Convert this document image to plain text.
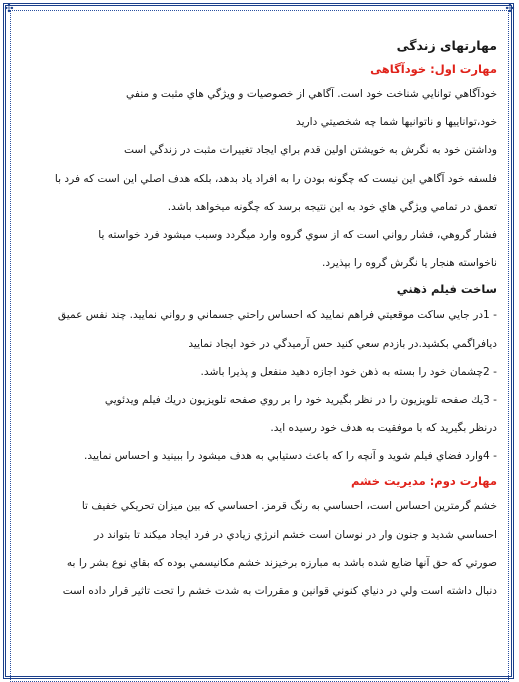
✣	✣
مهارتهای زندگی
مهارت اول: خودآگاهی
خودآگاهي توانايي شناخت خود است. آگاهي از خصوصيات و ويژگي هاي مثبت و منفي
خود،تواناييها و ناتوانيها شما چه شخصيتي داريد
وداشتن خود به نگرش به خويشتن اولين قدم براي ايجاد تغييرات مثبت در زندگي است
فلسفه خود آگاهي اين نيست كه چگونه بودن را به افراد ياد بدهد، بلكه هدف اصلي اين است كه فرد با
تعمق در تمامي ويژگي هاي خود به اين نتيجه برسد كه چگونه ميخواهد باشد.
فشار گروهي، فشار رواني است كه از سوي گروه وارد ميگردد وسبب ميشود فرد خواسته يا
ناخواسته هنجار يا نگرش گروه را بپذيرد.
ساخت فيلم ذهني
- 1در جايي ساكت موقعيتي فراهم نماييد كه احساس راحتي جسماني و رواني نماييد. چند نفس عميق
ديافراگمي بكشيد.در بازدم سعي كنيد حس آرميدگي در خود ايجاد نماييد
- 2چشمان خود را بسته به ذهن خود اجازه دهيد منفعل و پذيرا باشد.
- 3يك صفحه تلويزيون را در نظر بگيريد خود را بر روي صفحه تلويزيون دريك فيلم ويدئويي
درنظر بگيريد كه با موفقيت به هدف خود رسيده ايد.
- 4وارد فضاي فيلم شويد و آنچه را كه باعث دستيابي به هدف ميشود را ببينيد و احساس نماييد.
مهارت دوم: مديريت خشم
خشم گرمترين احساس است، احساسي به رنگ قرمز. احساسي كه بين ميزان تحريكي خفيف تا
احساسي شديد و جنون وار در نوسان است خشم انرژي زيادي در فرد ايجاد ميكند تا بتواند در
صورتي كه حق آنها ضايع شده باشد به مبارزه برخيزند خشم مكانيسمي بوده كه بقاي نوع بشر را به
دنبال داشته است ولي در دنياي كنوني قوانين و مقررات به شدت خشم را تحت تاثير قرار داده است
